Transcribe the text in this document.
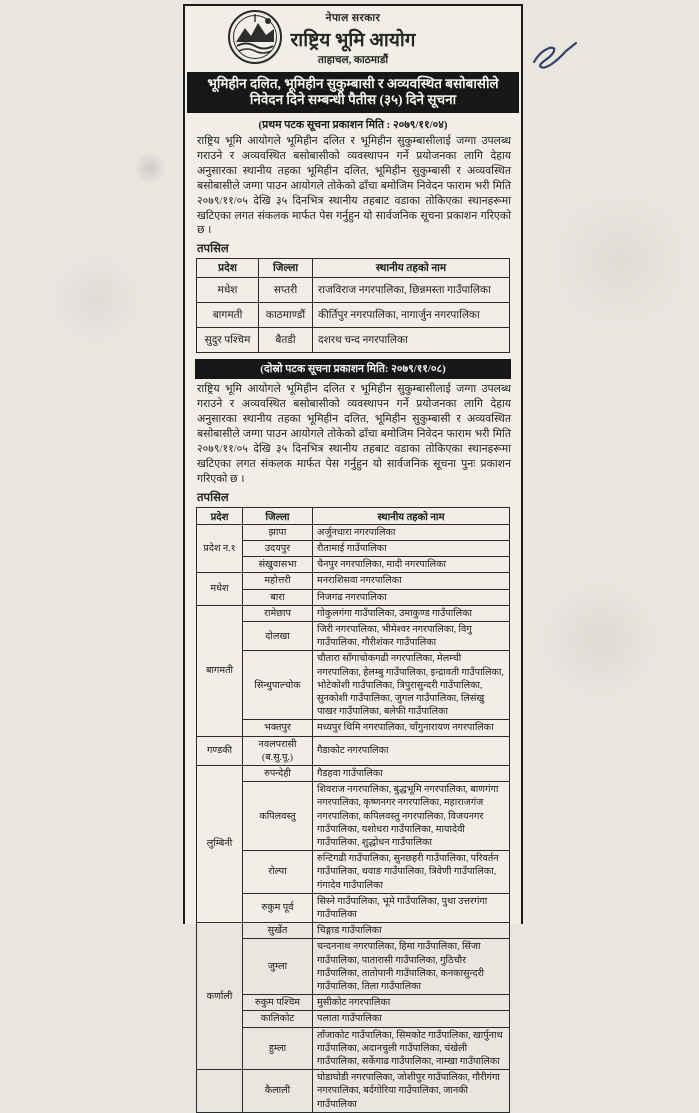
नेपाल सरकार
राष्ट्रिय भूमि आयोग
ताहाचल, काठमाडौं
भूमिहीन दलित, भूमिहीन सुकुम्बासी र अव्यवस्थित बसोबासीले
निवेदन दिने सम्बन्धी पैतीस (३५) दिने सूचना
(प्रथम पटक सूचना प्रकाशन मिति : २०७९/११/०४)

राष्ट्रिय भूमि आयोगले भूमिहीन दलित र भूमिहीन सुकुम्बासीलाई जग्गा उपलब्ध गराउने र अव्यवस्थित बसोबासीको व्यवस्थापन गर्ने प्रयोजनका लागि देहाय अनुसारका स्थानीय तहका भूमिहीन दलित, भूमिहीन सुकुम्बासी र अव्यवस्थित बसोबासीले जग्गा पाउन आयोगले तोकेको ढाँचा बमोजिम निवेदन फाराम भरी मिति २०७९/११/०५ देखि ३५ दिनभित्र स्थानीय तहबाट वडाका तोकिएका स्थानहरूमा खटिएका लगत संकलक मार्फत पेस गर्नुहुन यो सार्वजनिक सूचना प्रकाशन गरिएको छ ।

तपसिल
प्रदेश	जिल्ला	स्थानीय तहको नाम
मधेश	सप्तरी	राजविराज नगरपालिका, छिन्नमस्ता गाउँपालिका
बागमती	काठमाण्डौं	कीर्तिपुर नगरपालिका, नागार्जुन नगरपालिका
सुदुर पश्चिम	बैतडी	दशरथ चन्द नगरपालिका
(दोस्रो पटक सूचना प्रकाशन मिति: २०७९/११/०८)

राष्ट्रिय भूमि आयोगले भूमिहीन दलित र भूमिहीन सुकुम्बासीलाई जग्गा उपलब्ध गराउने र अव्यवस्थित बसोबासीको व्यवस्थापन गर्ने प्रयोजनका लागि देहाय अनुसारका स्थानीय तहका भूमिहीन दलित, भूमिहीन सुकुम्बासी र अव्यवस्थित बसोबासीले जग्गा पाउन आयोगले तोकेको ढाँचा बमोजिम निवेदन फाराम भरी मिति २०७९/११/०५ देखि ३५ दिनभित्र स्थानीय तहबाट वडाका तोकिएका स्थानहरूमा खटिएका लगत संकलक मार्फत पेस गर्नुहुन यो सार्वजनिक सूचना पुनः प्रकाशन गरिएको छ ।

तपसिल
प्रदेश	जिल्ला	स्थानीय तहको नाम
प्रदेश न.१	झापा	अर्जुनधारा नगरपालिका
	उदयपुर	रौतामाई गाउँपालिका
	संखुवासभा	चैनपुर नगरपालिका, मादी नगरपालिका
मधेश	महोत्तरी	मनराशिसवा नगरपालिका
	बारा	निजगढ नगरपालिका
बागमती	रामेछाप	गोकुलगंगा गाउँपालिका, उमाकुण्ड गाउँपालिका
	दोलखा	जिरी नगरपालिका, भीमेश्वर नगरपालिका, विगु गाउँपालिका, गौरीशंकर गाउँपालिका
	सिन्धुपाल्चोक	चौतारा साँगाचोकगढी नगरपालिका, मेलम्ची नगरपालिका, हेलम्बु गाउँपालिका, इन्द्रावती गाउँपालिका, भोटेकोशी गाउँपालिका, त्रिपुरासुन्दरी गाउँपालिका, सुनकोशी गाउँपालिका, जुगल गाउँपालिका, लिसंखु पाखर गाउँपालिका, बलेफी गाउँपालिका
	भक्तपुर	मध्यपुर थिमि नगरपालिका, चाँगुनारायण नगरपालिका
गण्डकी	नवलपरासी (ब.सु.पू.)	गैडाकोट नगरपालिका
लुम्बिनी	रुपन्देही	गैडहवा गाउँपालिका
	कपिलवस्तु	शिवराज नगरपालिका, बुद्धभूमि नगरपालिका, बाणगंगा नगरपालिका, कृष्णनगर नगरपालिका, महाराजगंज नगरपालिका, कपिलवस्तु नगरपालिका, विजयनगर गाउँपालिका, यशोधरा गाउँपालिका, मायादेवी गाउँपालिका, शुद्धोधन गाउँपालिका
	रोल्पा	रुन्टिगढी गाउँपालिका, सुनछहरी गाउँपालिका, परिवर्तन गाउँपालिका, थवाङ गाउँपालिका, त्रिवेणी गाउँपालिका, गंगादेव गाउँपालिका
	रुकुम पूर्व	सिस्ने गाउँपालिका, भूमे गाउँपालिका, पुथा उत्तरगंगा गाउँपालिका
कर्णाली	सुर्खेत	चिङ्गाड गाउँपालिका
	जुम्ला	चन्दननाथ नगरपालिका, हिमा गाउँपालिका, सिंजा गाउँपालिका, पातारासी गाउँपालिका, गुठिचौर गाउँपालिका, तातोपानी गाउँपालिका, कनकासुन्दरी गाउँपालिका, तिला गाउँपालिका
	रुकुम पश्चिम	मुसीकोट नगरपालिका
	कालिकोट	पलाता गाउँपालिका
	हुम्ला	ताँजाकोट गाउँपालिका, सिमकोट गाउँपालिका, खार्पुनाथ गाउँपालिका, अदानचुली गाउँपालिका, चंखेली गाउँपालिका, सर्केगाढ गाउँपालिका, नाम्खा गाउँपालिका
	कैलाली	घोडाघोडी नगरपालिका, जोशीपुर गाउँपालिका, गौरीगंगा नगरपालिका, बर्दगोरिया गाउँपालिका, जानकी गाउँपालिका
